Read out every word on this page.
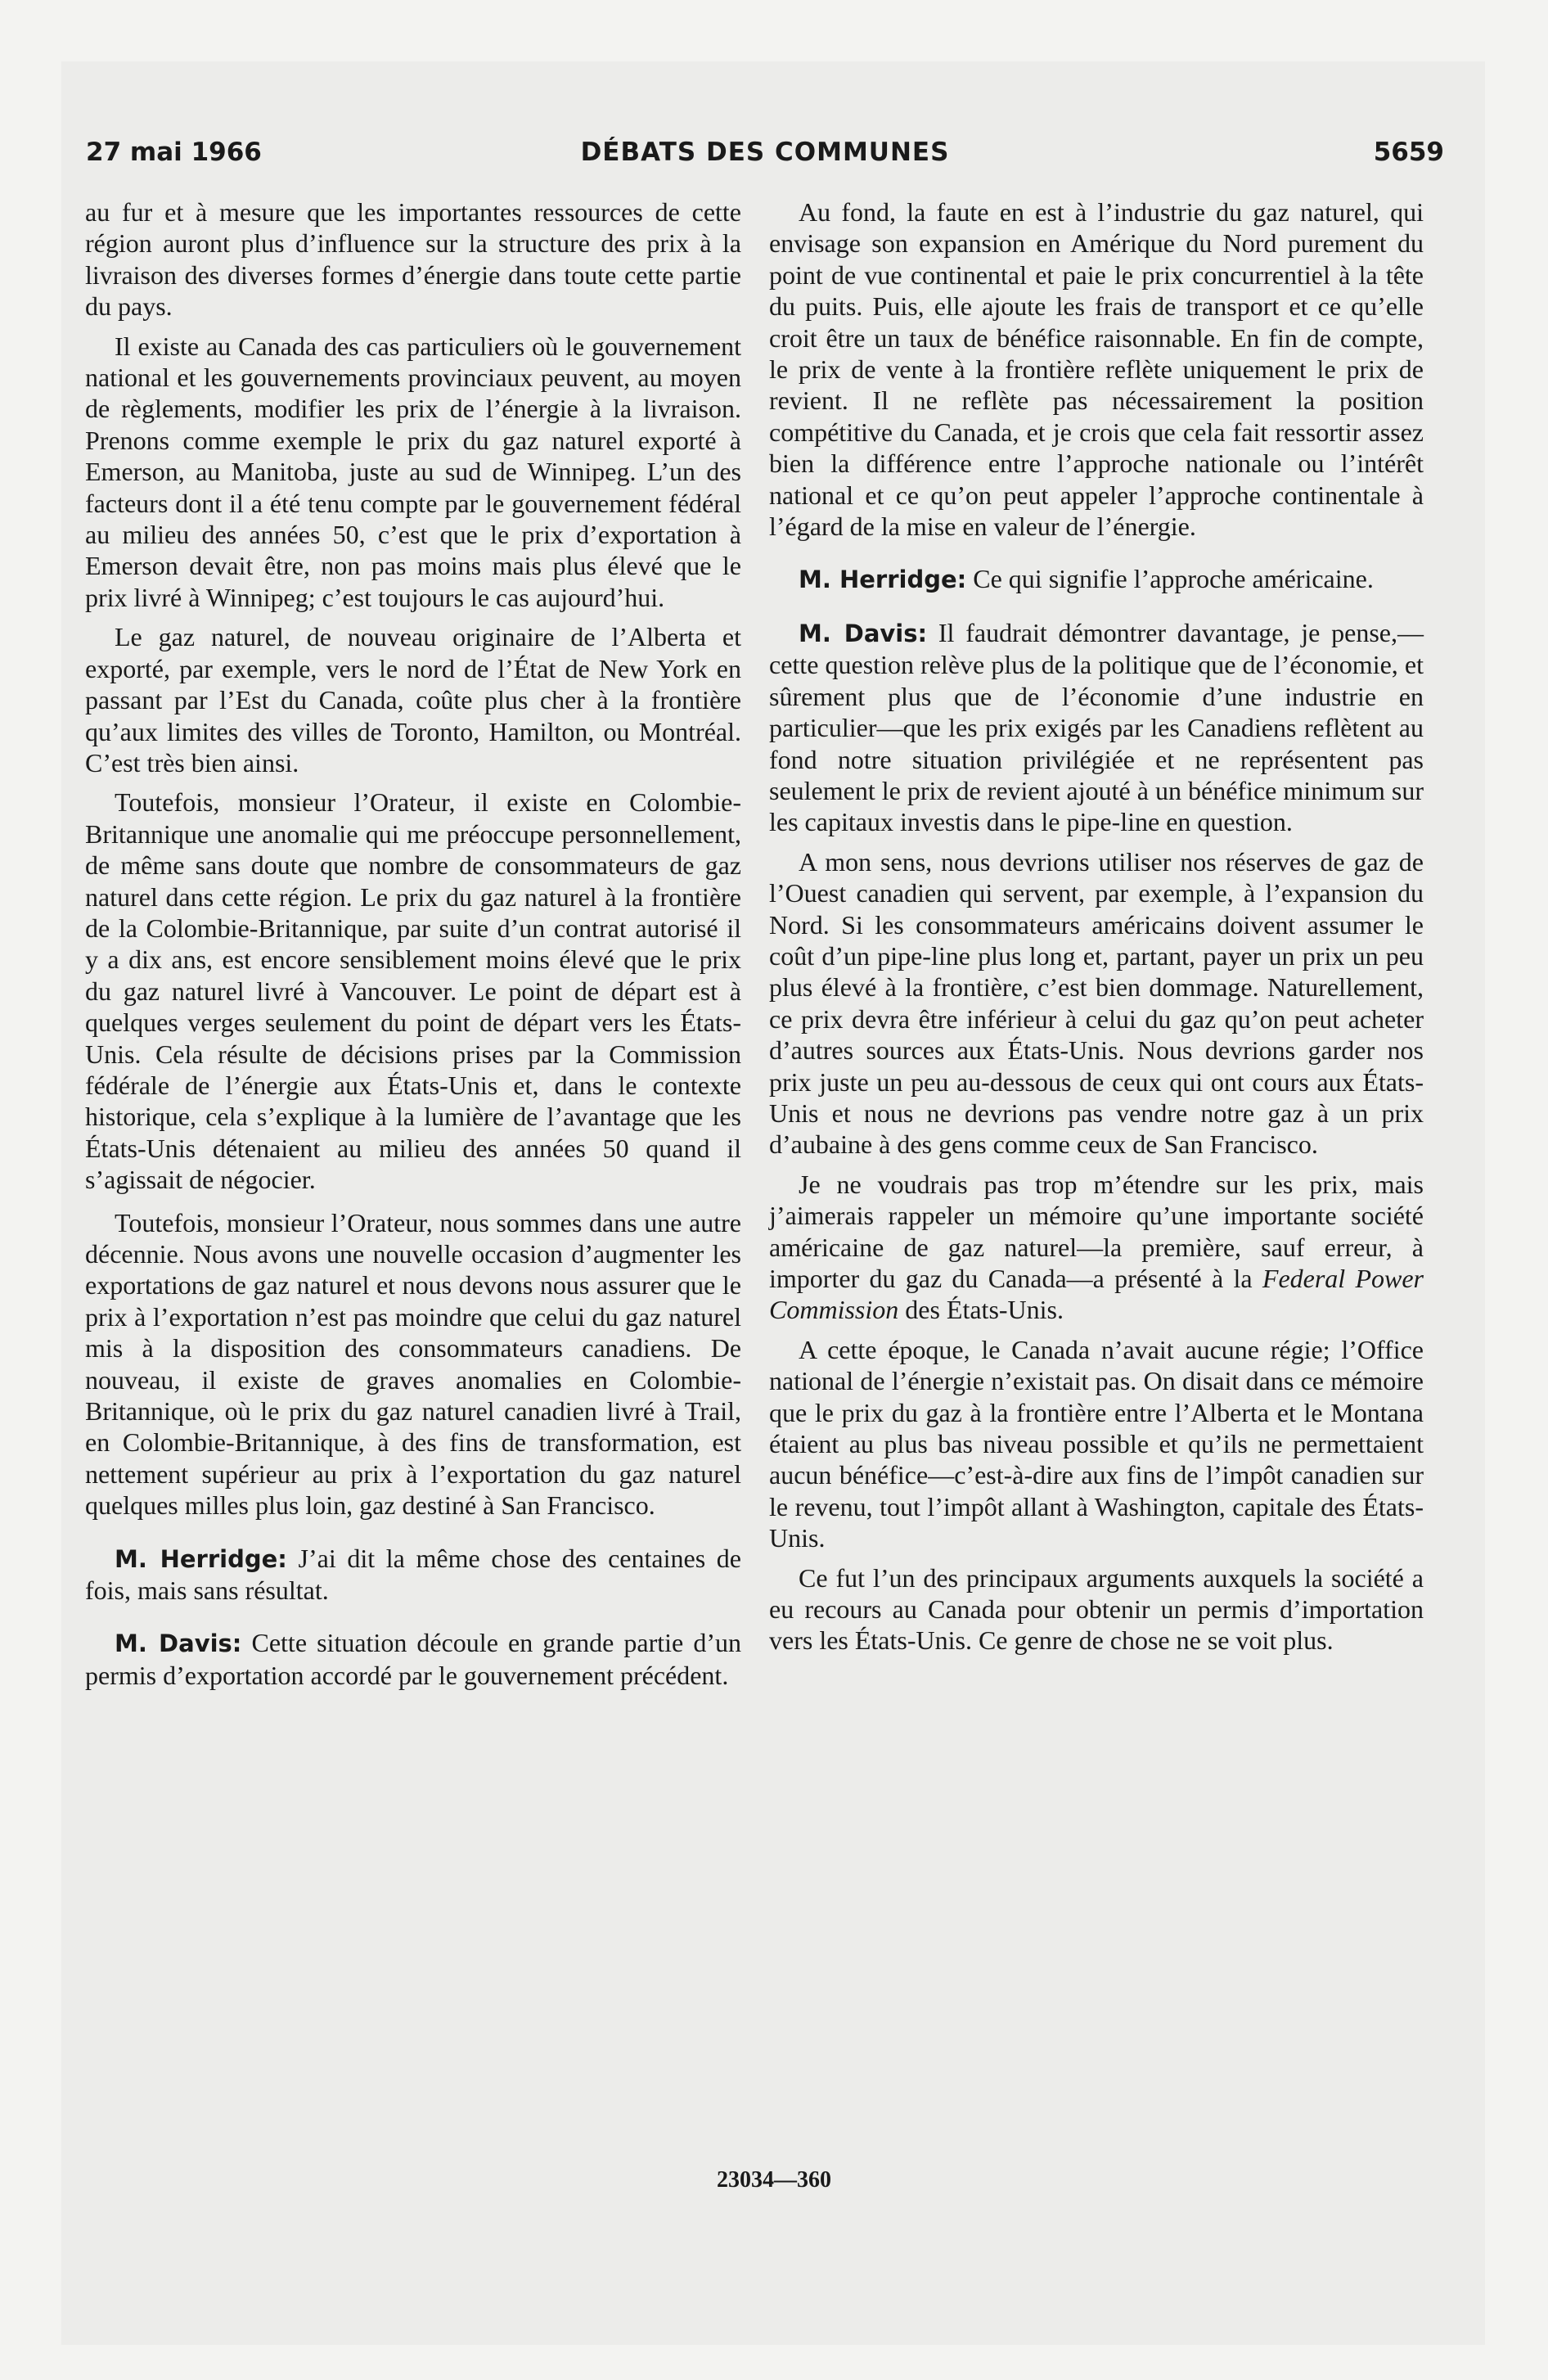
27 mai 1966	DÉBATS DES COMMUNES	5659

au fur et à mesure que les importantes ressources de cette région auront plus d’influence sur la structure des prix à la livraison des diverses formes d’énergie dans toute cette partie du pays.

Il existe au Canada des cas particuliers où le gouvernement national et les gouvernements provinciaux peuvent, au moyen de règlements, modifier les prix de l’énergie à la livraison. Prenons comme exemple le prix du gaz naturel exporté à Emerson, au Manitoba, juste au sud de Winnipeg. L’un des facteurs dont il a été tenu compte par le gouvernement fédéral au milieu des années 50, c’est que le prix d’exportation à Emerson devait être, non pas moins mais plus élevé que le prix livré à Winnipeg; c’est toujours le cas aujourd’hui.

Le gaz naturel, de nouveau originaire de l’Alberta et exporté, par exemple, vers le nord de l’État de New York en passant par l’Est du Canada, coûte plus cher à la frontière qu’aux limites des villes de Toronto, Hamilton, ou Montréal. C’est très bien ainsi.

Toutefois, monsieur l’Orateur, il existe en Colombie-Britannique une anomalie qui me préoccupe personnellement, de même sans doute que nombre de consommateurs de gaz naturel dans cette région. Le prix du gaz naturel à la frontière de la Colombie-Britannique, par suite d’un contrat autorisé il y a dix ans, est encore sensiblement moins élevé que le prix du gaz naturel livré à Vancouver. Le point de départ est à quelques verges seulement du point de départ vers les États-Unis. Cela résulte de décisions prises par la Commission fédérale de l’énergie aux États-Unis et, dans le contexte historique, cela s’explique à la lumière de l’avantage que les États-Unis détenaient au milieu des années 50 quand il s’agissait de négocier.

Toutefois, monsieur l’Orateur, nous sommes dans une autre décennie. Nous avons une nouvelle occasion d’augmenter les exportations de gaz naturel et nous devons nous assurer que le prix à l’exportation n’est pas moindre que celui du gaz naturel mis à la disposition des consommateurs canadiens. De nouveau, il existe de graves anomalies en Colombie-Britannique, où le prix du gaz naturel canadien livré à Trail, en Colombie-Britannique, à des fins de transformation, est nettement supérieur au prix à l’exportation du gaz naturel quelques milles plus loin, gaz destiné à San Francisco.

M. Herridge: J’ai dit la même chose des centaines de fois, mais sans résultat.

M. Davis: Cette situation découle en grande partie d’un permis d’exportation accordé par le gouvernement précédent.

Au fond, la faute en est à l’industrie du gaz naturel, qui envisage son expansion en Amérique du Nord purement du point de vue continental et paie le prix concurrentiel à la tête du puits. Puis, elle ajoute les frais de transport et ce qu’elle croit être un taux de bénéfice raisonnable. En fin de compte, le prix de vente à la frontière reflète uniquement le prix de revient. Il ne reflète pas nécessairement la position compétitive du Canada, et je crois que cela fait ressortir assez bien la différence entre l’approche nationale ou l’intérêt national et ce qu’on peut appeler l’approche continentale à l’égard de la mise en valeur de l’énergie.

M. Herridge: Ce qui signifie l’approche américaine.

M. Davis: Il faudrait démontrer davantage, je pense,—cette question relève plus de la politique que de l’économie, et sûrement plus que de l’économie d’une industrie en particulier—que les prix exigés par les Canadiens reflètent au fond notre situation privilégiée et ne représentent pas seulement le prix de revient ajouté à un bénéfice minimum sur les capitaux investis dans le pipe-line en question.

A mon sens, nous devrions utiliser nos réserves de gaz de l’Ouest canadien qui servent, par exemple, à l’expansion du Nord. Si les consommateurs américains doivent assumer le coût d’un pipe-line plus long et, partant, payer un prix un peu plus élevé à la frontière, c’est bien dommage. Naturellement, ce prix devra être inférieur à celui du gaz qu’on peut acheter d’autres sources aux États-Unis. Nous devrions garder nos prix juste un peu au-dessous de ceux qui ont cours aux États-Unis et nous ne devrions pas vendre notre gaz à un prix d’aubaine à des gens comme ceux de San Francisco.

Je ne voudrais pas trop m’étendre sur les prix, mais j’aimerais rappeler un mémoire qu’une importante société américaine de gaz naturel—la première, sauf erreur, à importer du gaz du Canada—a présenté à la Federal Power Commission des États-Unis.

A cette époque, le Canada n’avait aucune régie; l’Office national de l’énergie n’existait pas. On disait dans ce mémoire que le prix du gaz à la frontière entre l’Alberta et le Montana étaient au plus bas niveau possible et qu’ils ne permettaient aucun bénéfice—c’est-à-dire aux fins de l’impôt canadien sur le revenu, tout l’impôt allant à Washington, capitale des États-Unis.

Ce fut l’un des principaux arguments auxquels la société a eu recours au Canada pour obtenir un permis d’importation vers les États-Unis. Ce genre de chose ne se voit plus.

23034—360
